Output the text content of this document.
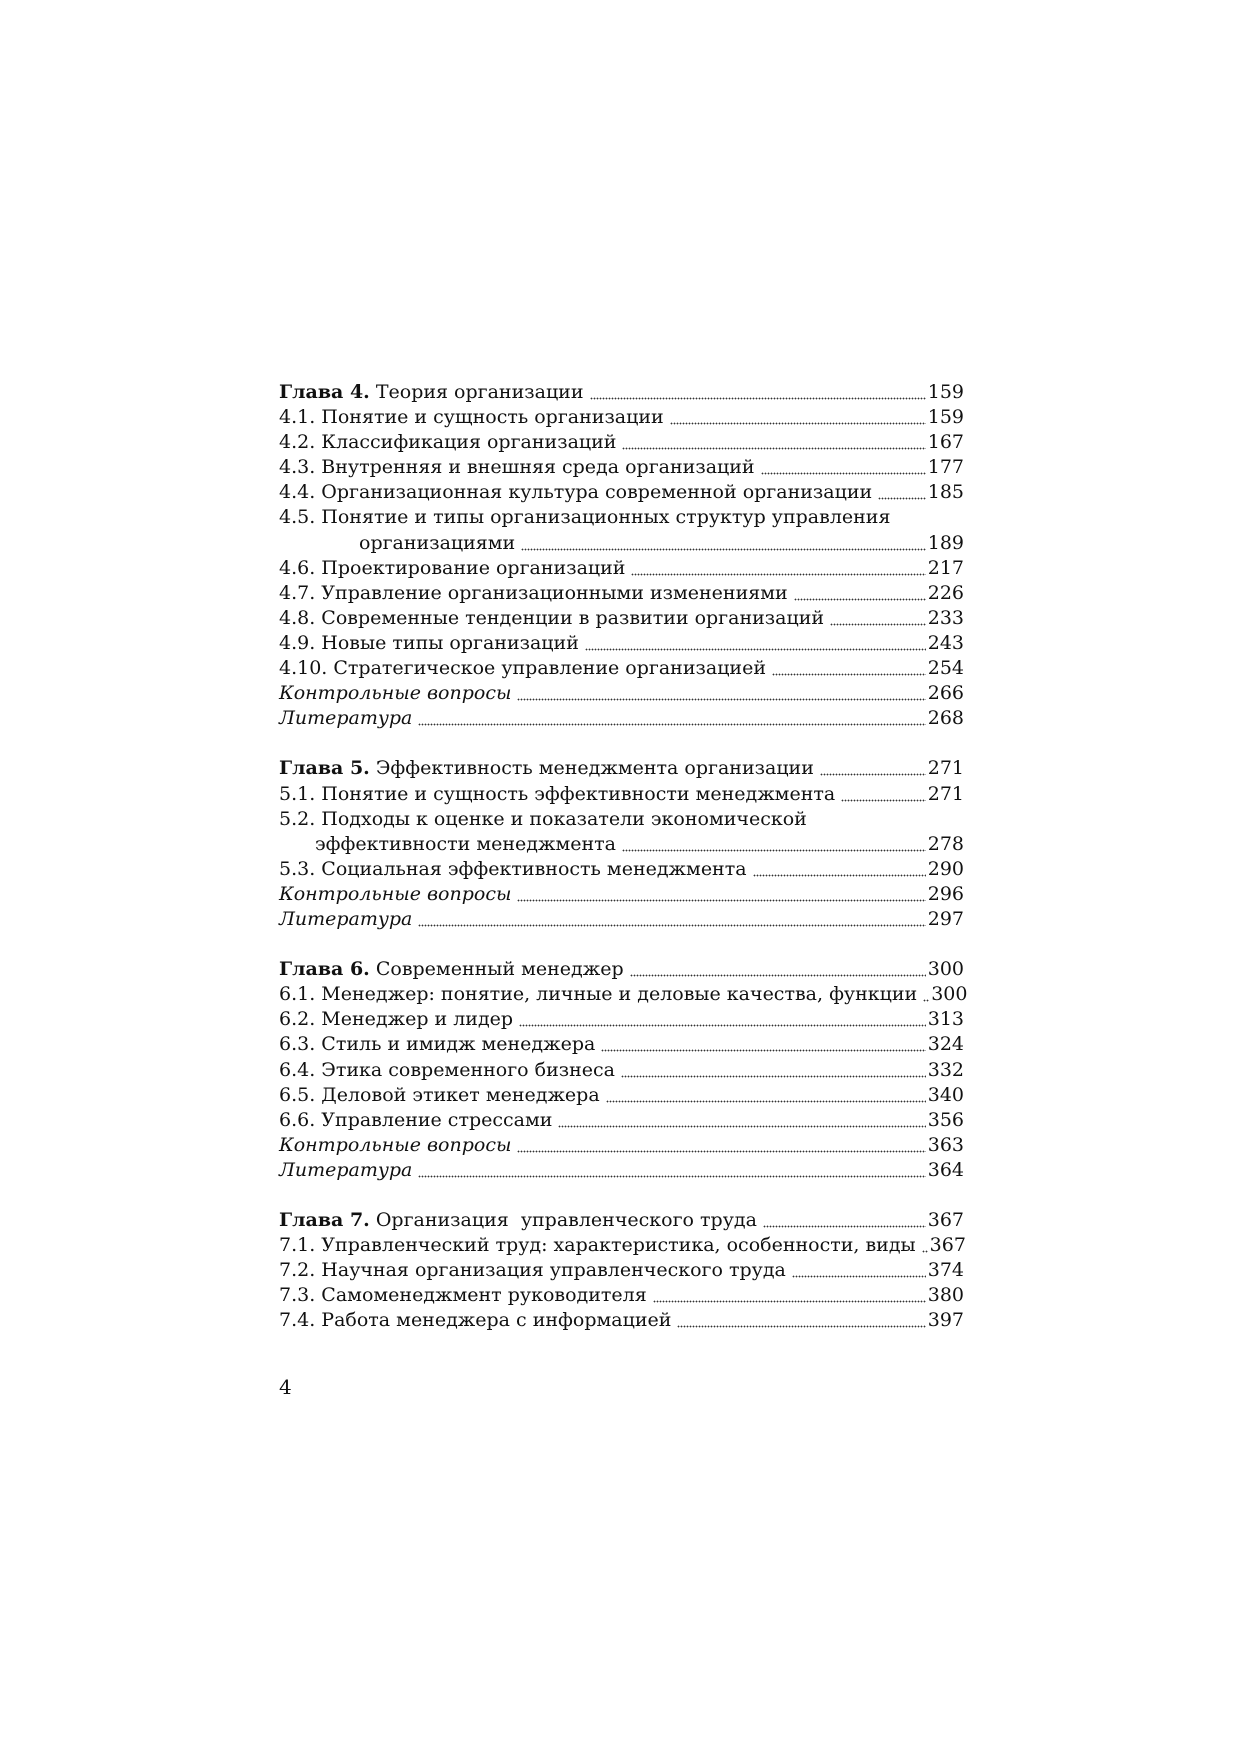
Глава 4. Теория организации	159
4.1. Понятие и сущность организации	159
4.2. Классификация организаций	167
4.3. Внутренняя и внешняя среда организаций	177
4.4. Организационная культура современной организации	185
4.5. Понятие и типы организационных структур управления
организациями	189
4.6. Проектирование организаций	217
4.7. Управление организационными изменениями	226
4.8. Современные тенденции в развитии организаций	233
4.9. Новые типы организаций	243
4.10. Стратегическое управление организацией	254
Контрольные вопросы	266
Литература	268
Глава 5. Эффективность менеджмента организации	271
5.1. Понятие и сущность эффективности менеджмента	271
5.2. Подходы к оценке и показатели экономической
эффективности менеджмента	278
5.3. Социальная эффективность менеджмента	290
Контрольные вопросы	296
Литература	297
Глава 6. Современный менеджер	300
6.1. Менеджер: понятие, личные и деловые качества, функции 300
6.2. Менеджер и лидер	313
6.3. Стиль и имидж менеджера	324
6.4. Этика современного бизнеса	332
6.5. Деловой этикет менеджера	340
6.6. Управление стрессами	356
Контрольные вопросы	363
Литература	364
Глава 7. Организация  управленческого труда	367
7.1. Управленческий труд: характеристика, особенности, виды 367
7.2. Научная организация управленческого труда	374
7.3. Самоменеджмент руководителя	380
7.4. Работа менеджера с информацией	397
4
